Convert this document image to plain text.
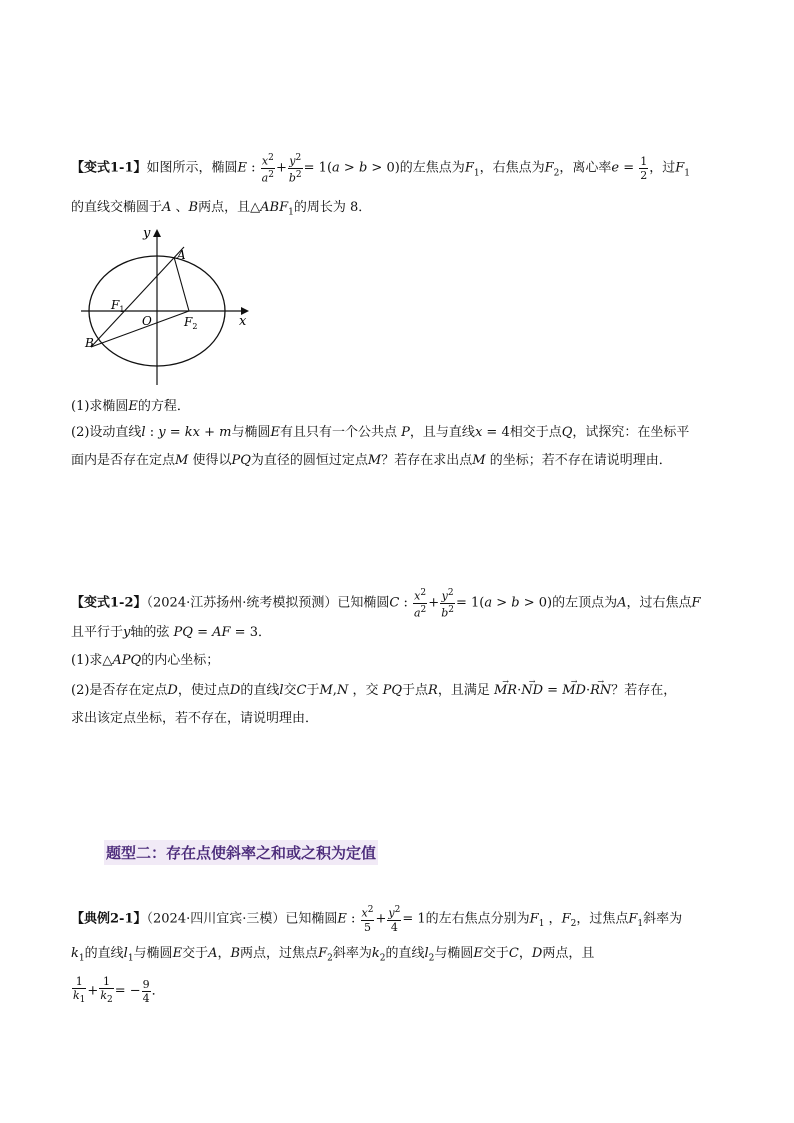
【变式1-1】如图所示，椭圆E : $\frac{x^2}{a^2} + \frac{y^2}{b^2} = 1(a > b > 0)$的左焦点为$F_1$，右焦点为$F_2$，离心率$e = \frac{1}{2}$ ，过$F_1$
的直线交椭圆于A 、B两点，且$\triangle ABF_1$的周长为 8．
y
x
A
B
O
$F_1$
$F_2$
(1)求椭圆E的方程．
(2)设动直线l : y = kx + m与椭圆E有且只有一个公共点 P，且与直线x = 4相交于点Q，试探究：在坐标平
面内是否存在定点M 使得以PQ为直径的圆恒过定点M？若存在求出点M 的坐标；若不存在请说明理由．
【变式1-2】（2024·江苏扬州·统考模拟预测）已知椭圆C : $\frac{x^2}{a^2} + \frac{y^2}{b^2} = 1(a > b > 0)$的左顶点为A，过右焦点F
且平行于y轴的弦 PQ = AF = 3．
(1)求△APQ的内心坐标；
(2)是否存在定点D，使过点D的直线l交C于M,N ，交 PQ于点R，且满足 → MR·→ ND = → MD·→ RN？若存在，
求出该定点坐标，若不存在，请说明理由．
题型二：存在点使斜率之和或之积为定值
【典例2-1】（2024·四川宜宾·三模）已知椭圆E : $\frac{x^2}{5} + \frac{y^2}{4} = 1$的左右焦点分别为$F_1$ ，$F_2$，过焦点$F_1$斜率为
$k_1$的直线$l_1$与椭圆E交于A，B两点，过焦点$F_2$斜率为$k_2$的直线$l_2$与椭圆E交于C，D两点，且
$\frac{1}{k_1} + \frac{1}{k_2}$ = − $\frac{9}{4}$ ．
